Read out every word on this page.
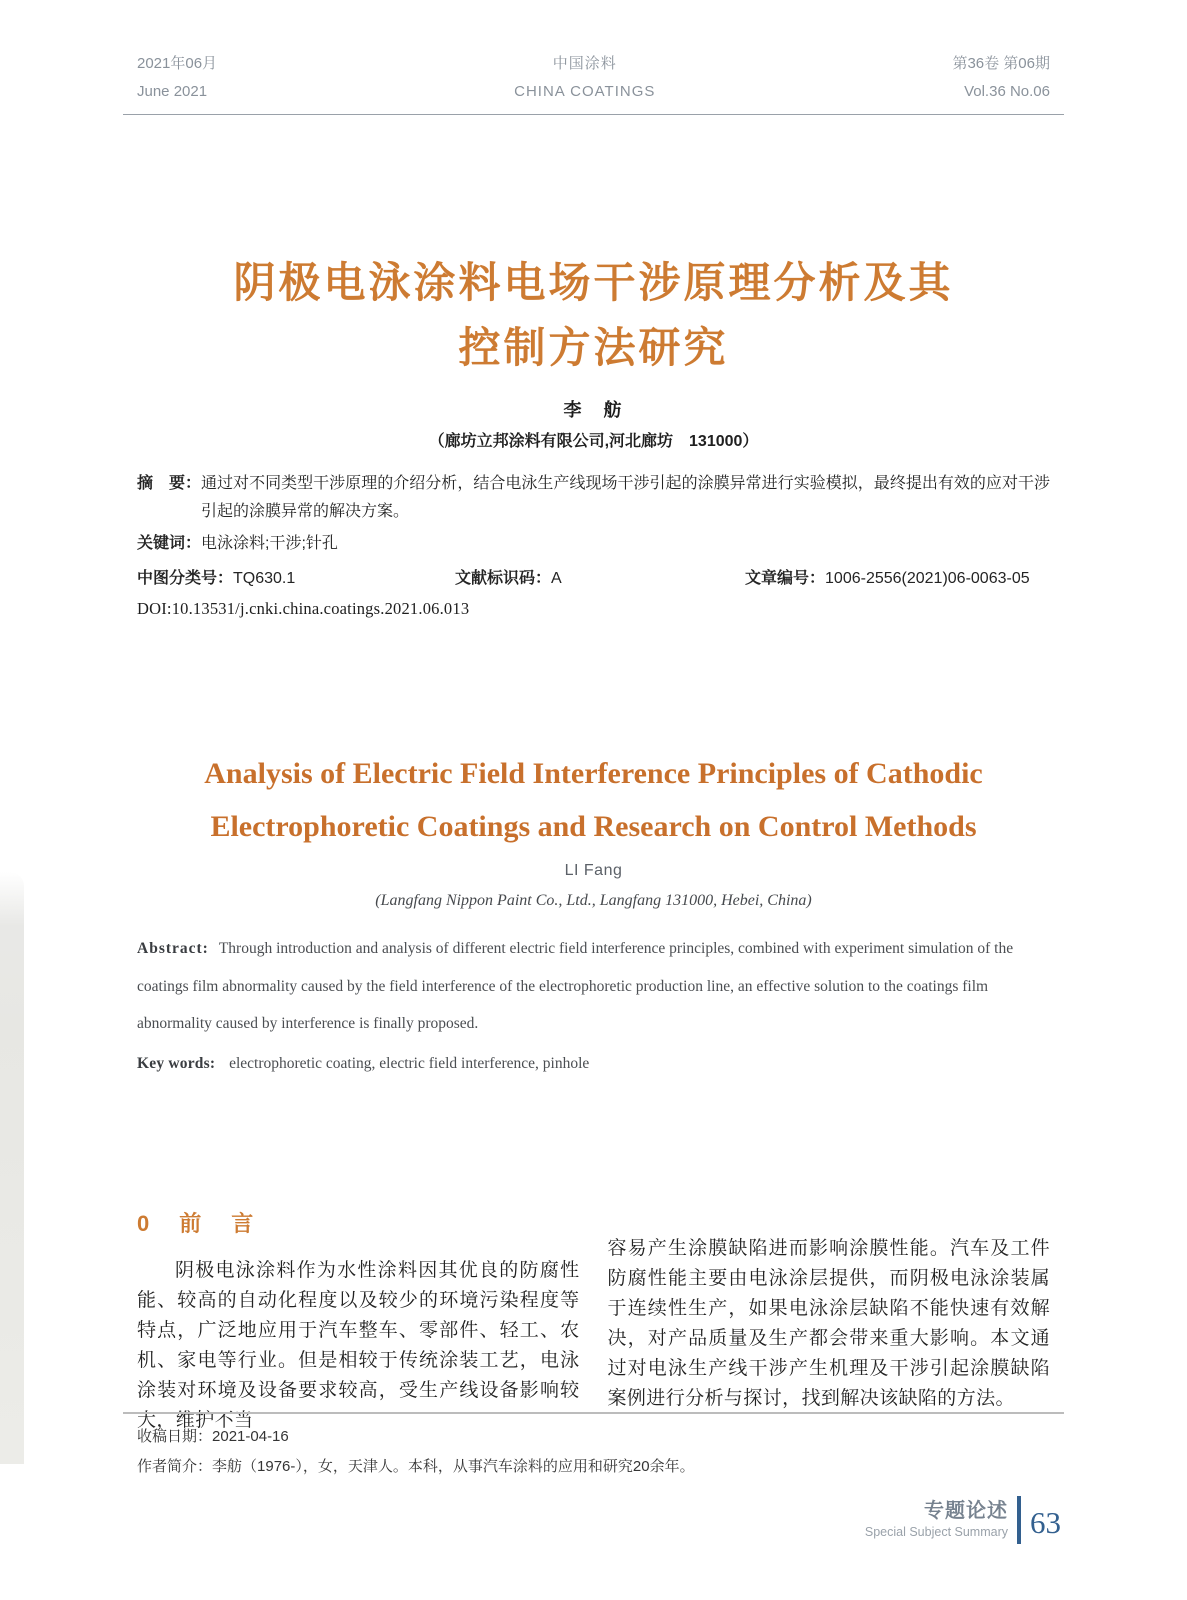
2021年06月
June 2021
中国涂料
CHINA COATINGS
第36卷 第06期
Vol.36 No.06
阴极电泳涂料电场干涉原理分析及其
控制方法研究
李　舫
（廊坊立邦涂料有限公司,河北廊坊　131000）
摘　要： 通过对不同类型干涉原理的介绍分析，结合电泳生产线现场干涉引起的涂膜异常进行实验模拟，最终提出有效的应对干涉引起的涂膜异常的解决方案。
关键词：电泳涂料;干涉;针孔
中图分类号：TQ630.1	文献标识码：A	文章编号：1006-2556(2021)06-0063-05
DOI:10.13531/j.cnki.china.coatings.2021.06.013
Analysis of Electric Field Interference Principles of Cathodic
Electrophoretic Coatings and Research on Control Methods
LI Fang
(Langfang Nippon Paint Co., Ltd., Langfang 131000, Hebei, China)
Abstract: Through introduction and analysis of different electric field interference principles, combined with experiment simulation of the coatings film abnormality caused by the field interference of the electrophoretic production line, an effective solution to the coatings film abnormality caused by interference is finally proposed.
Key words: electrophoretic coating, electric field interference, pinhole
0　前　言
阴极电泳涂料作为水性涂料因其优良的防腐性能、较高的自动化程度以及较少的环境污染程度等特点，广泛地应用于汽车整车、零部件、轻工、农机、家电等行业。但是相较于传统涂装工艺，电泳涂装对环境及设备要求较高，受生产线设备影响较大，维护不当
容易产生涂膜缺陷进而影响涂膜性能。汽车及工件防腐性能主要由电泳涂层提供，而阴极电泳涂装属于连续性生产，如果电泳涂层缺陷不能快速有效解决，对产品质量及生产都会带来重大影响。本文通过对电泳生产线干涉产生机理及干涉引起涂膜缺陷案例进行分析与探讨，找到解决该缺陷的方法。
收稿日期：2021-04-16
作者简介：李舫（1976-），女，天津人。本科，从事汽车涂料的应用和研究20余年。
专题论述
Special Subject Summary 63
